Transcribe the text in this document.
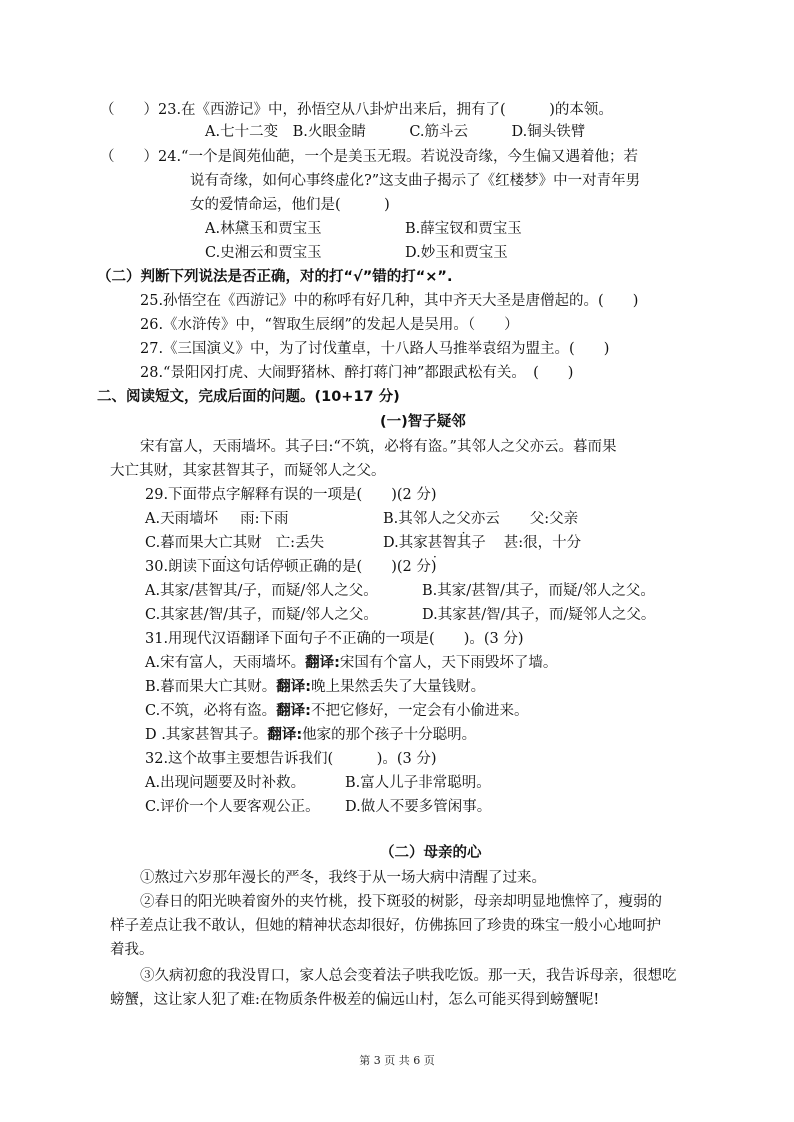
（　　）23.在《西游记》中，孙悟空从八卦炉出来后，拥有了(　　　)的本领。
A.七十二变　B.火眼金睛　　　C.筋斗云　　　D.铜头铁臂
（　　）24.“一个是阆苑仙葩，一个是美玉无瑕。若说没奇缘，今生偏又遇着他；若
说有奇缘，如何心事终虚化?”这支曲子揭示了《红楼梦》中一对青年男
女的爱情命运，他们是(　　　)
A.林黛玉和贾宝玉	B.薛宝钗和贾宝玉
C.史湘云和贾宝玉	D.妙玉和贾宝玉
（二）判断下列说法是否正确，对的打“√”错的打“×”.
25.孙悟空在《西游记》中的称呼有好几种，其中齐天大圣是唐僧起的。(　　)
26.《水浒传》中，“智取生辰纲”的发起人是吴用。（　　）
27.《三国演义》中，为了讨伐董卓，十八路人马推举袁绍为盟主。(　　)
28.“景阳冈打虎、大闹野猪林、醉打蒋门神”都跟武松有关。　(　　)
二、阅读短文，完成后面的问题。(10+17 分)
(一)智子疑邻
宋有富人，天雨墙坏。其子曰:“不筑，必将有盗。”其邻人之父亦云。暮而果
大亡其财，其家甚智其子，而疑邻人之父。
29.下面带点字解释有误的一项是(　　)(2 分)
A.天雨墙坏 雨:下雨	B.其邻人之父亦云 父:父亲
C.暮而果大亡其财 亡:丢失	D.其家甚智其子 甚:很，十分
30.朗读下面这句话停顿正确的是(　　)(2 分)
A.其家/甚智其/子，而疑/邻人之父。	B.其家/甚智/其子，而疑/邻人之父。
C.其家甚/智/其子，而疑/邻人之父。	D.其家甚/智/其子，而/疑邻人之父。
31.用现代汉语翻译下面句子不正确的一项是(　　)。(3 分)
A.宋有富人，天雨墙坏。翻译:宋国有个富人，天下雨毁坏了墙。
B.暮而果大亡其财。翻译:晚上果然丢失了大量钱财。
C.不筑，必将有盗。翻译:不把它修好，一定会有小偷进来。
D .其家甚智其子。翻译:他家的那个孩子十分聪明。
32.这个故事主要想告诉我们(　　　)。(3 分)
A.出现问题要及时补救。	B.富人儿子非常聪明。
C.评价一个人要客观公正。 D.做人不要多管闲事。
（二）母亲的心
①熬过六岁那年漫长的严冬，我终于从一场大病中清醒了过来。
②春日的阳光映着窗外的夹竹桃，投下斑驳的树影，母亲却明显地憔悴了，瘦弱的
样子差点让我不敢认，但她的精神状态却很好，仿佛拣回了珍贵的珠宝一般小心地呵护
着我。
③久病初愈的我没胃口，家人总会变着法子哄我吃饭。那一天，我告诉母亲，很想吃
螃蟹，这让家人犯了难:在物质条件极差的偏远山村，怎么可能买得到螃蟹呢!
第 3 页 共 6 页
